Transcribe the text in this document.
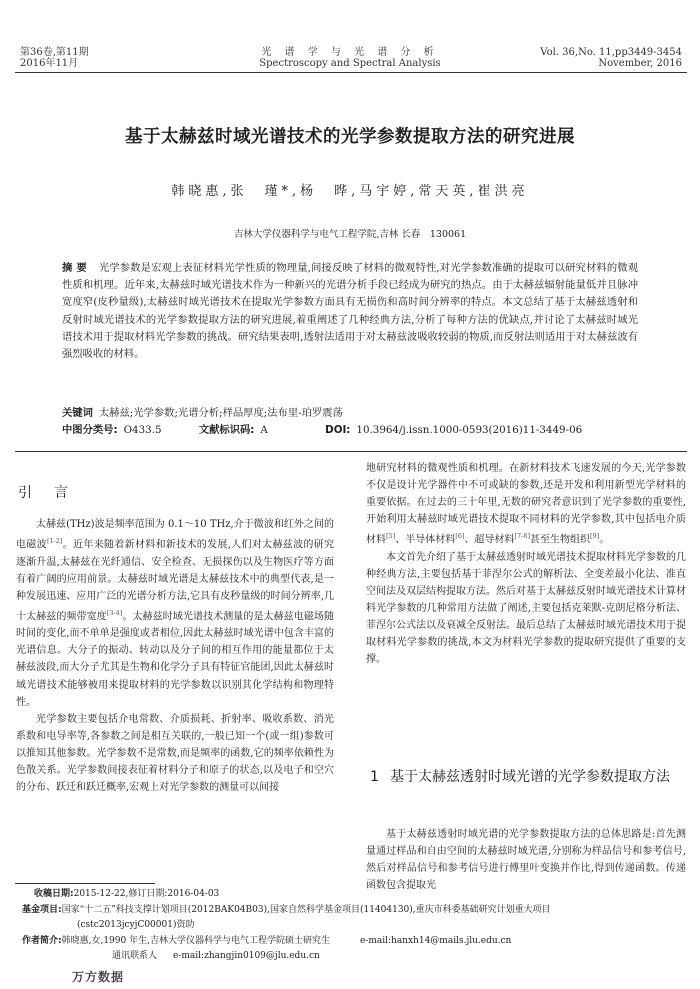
第36卷,第11期
2016年11月
光 谱 学 与 光 谱 分 析
Spectroscopy and Spectral Analysis
Vol. 36,No. 11,pp3449-3454
November, 2016
基于太赫兹时域光谱技术的光学参数提取方法的研究进展
韩晓惠,张　瑾*,杨　晔,马宇婷,常天英,崔洪亮
吉林大学仪器科学与电气工程学院,吉林 长春　130061
摘要 光学参数是宏观上表征材料光学性质的物理量,间接反映了材料的微观特性,对光学参数准确的提取可以研究材料的微观性质和机理。近年来,太赫兹时域光谱技术作为一种新兴的光谱分析手段已经成为研究的热点。由于太赫兹辐射能量低并且脉冲宽度窄(皮秒量级),太赫兹时域光谱技术在提取光学参数方面具有无损伤和高时间分辨率的特点。本文总结了基于太赫兹透射和反射时域光谱技术的光学参数提取方法的研究进展,着重阐述了几种经典方法,分析了每种方法的优缺点,并讨论了太赫兹时域光谱技术用于提取材料光学参数的挑战。研究结果表明,透射法适用于对太赫兹波吸收较弱的物质,而反射法则适用于对太赫兹波有强烈吸收的材料。
关键词 太赫兹;光学参数;光谱分析;样品厚度;法布里-珀罗震荡
中图分类号: O433.5	文献标识码: A	DOI: 10.3964/j.issn.1000-0593(2016)11-3449-06
引　言

太赫兹(THz)波是频率范围为 0.1～10 THz,介于微波和红外之间的电磁波[1-2]。近年来随着新材料和新技术的发展,人们对太赫兹波的研究逐渐升温,太赫兹在光纤通信、安全检查、无损探伤以及生物医疗等方面有着广阔的应用前景。太赫兹时域光谱是太赫兹技术中的典型代表,是一种发展迅速、应用广泛的光谱分析方法,它具有皮秒量级的时间分辨率,几十太赫兹的频带宽度[3-4]。太赫兹时域光谱技术测量的是太赫兹电磁场随时间的变化,而不单单是强度或者相位,因此太赫兹时域光谱中包含丰富的光谱信息。大分子的振动、转动以及分子间的相互作用的能量都位于太赫兹波段,而大分子尤其是生物和化学分子具有特征官能团,因此太赫兹时域光谱技术能够被用来提取材料的光学参数以识别其化学结构和物理特性。

光学参数主要包括介电常数、介质损耗、折射率、吸收系数、消光系数和电导率等,各参数之间是相互关联的,一般已知一个(或一组)参数可以推知其他参数。光学参数不是常数,而是频率的函数,它的频率依赖性为色散关系。光学参数间接表征着材料分子和原子的状态,以及电子和空穴的分布、跃迁和跃迁概率,宏观上对光学参数的测量可以间接

地研究材料的微观性质和机理。在新材料技术飞速发展的今天,光学参数不仅是设计光学器件中不可或缺的参数,还是开发和利用新型光学材料的重要依据。在过去的三十年里,无数的研究者意识到了光学参数的重要性,开始利用太赫兹时域光谱技术提取不同材料的光学参数,其中包括电介质材料[5]、半导体材料[6]、超导材料[7-8]甚至生物组织[9]。

本文首先介绍了基于太赫兹透射时域光谱技术提取材料光学参数的几种经典方法,主要包括基于菲涅尔公式的解析法、全变差最小化法、准直空间法及双层结构提取方法。然后对基于太赫兹反射时域光谱技术计算材料光学参数的几种常用方法做了阐述,主要包括克莱默-克朗尼格分析法、菲涅尔公式法以及衰减全反射法。最后总结了太赫兹时域光谱技术用于提取材料光学参数的挑战,本文为材料光学参数的提取研究提供了重要的支撑。

1 基于太赫兹透射时域光谱的光学参数提取方法

基于太赫兹透射时域光谱的光学参数提取方法的总体思路是:首先测量通过样品和自由空间的太赫兹时域光谱,分别称为样品信号和参考信号,然后对样品信号和参考信号进行傅里叶变换并作比,得到传递函数。传递函数包含提取光

收稿日期:2015-12-22,修订日期:2016-04-03
基金项目:国家“十二五”科技支撑计划项目(2012BAK04B03),国家自然科学基金项目(11404130),重庆市科委基础研究计划重大项目
(cstc2013jcyjC00001)资助
作者简介:韩晓惠,女,1990 年生,吉林大学仪器科学与电气工程学院硕士研究生	e-mail:hanxh14@mails.jlu.edu.cn
通讯联系人 e-mail:zhangjin0109@jlu.edu.cn
万方数据
